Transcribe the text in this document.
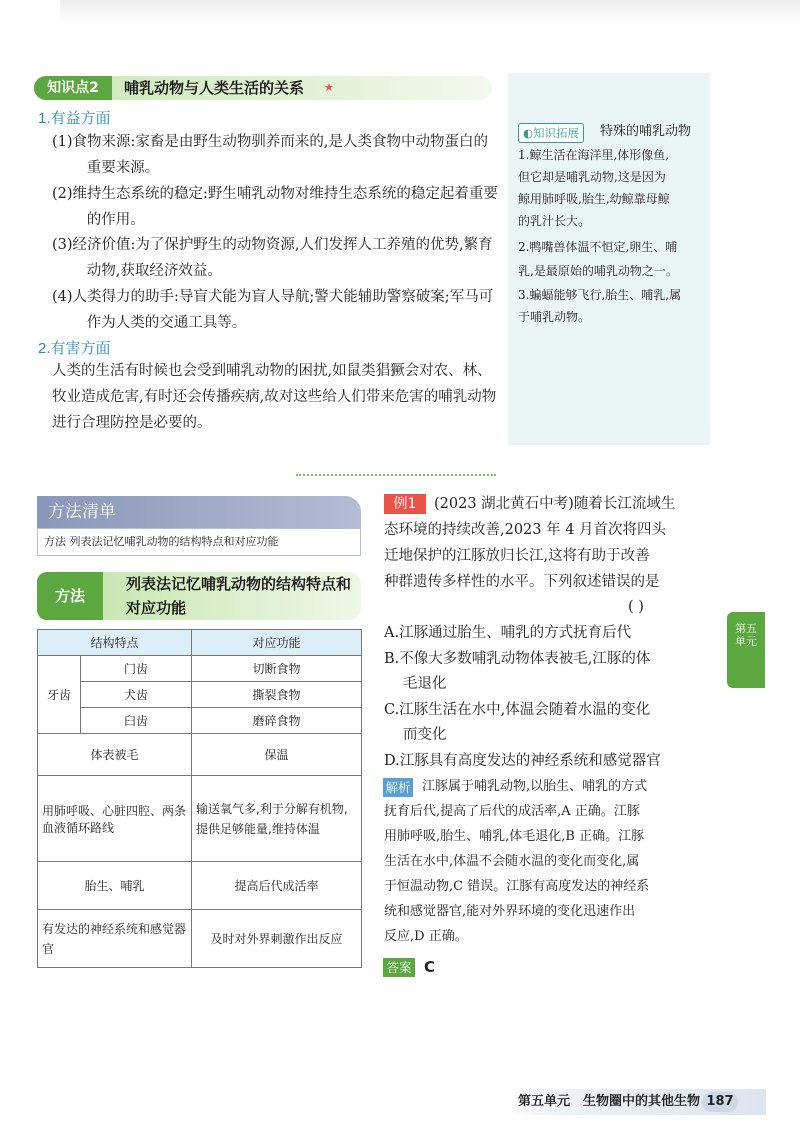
知识点2	哺乳动物与人类生活的关系 ★
1.有益方面
(1)食物来源:家畜是由野生动物驯养而来的,是人类食物中动物蛋白的重要来源。
(2)维持生态系统的稳定:野生哺乳动物对维持生态系统的稳定起着重要的作用。
(3)经济价值:为了保护野生的动物资源,人们发挥人工养殖的优势,繁育动物,获取经济效益。
(4)人类得力的助手:导盲犬能为盲人导航;警犬能辅助警察破案;军马可作为人类的交通工具等。
2.有害方面
人类的生活有时候也会受到哺乳动物的困扰,如鼠类猖獗会对农、林、牧业造成危害,有时还会传播疾病,故对这些给人们带来危害的哺乳动物进行合理防控是必要的。
◐知识拓展	特殊的哺乳动物
1.鲸生活在海洋里,体形像鱼,
但它却是哺乳动物,这是因为
鲸用肺呼吸,胎生,幼鲸靠母鲸
的乳汁长大。
2.鸭嘴兽体温不恒定,卵生、哺
乳,是最原始的哺乳动物之一。
3.蝙蝠能够飞行,胎生、哺乳,属
于哺乳动物。
方法清单
方法 列表法记忆哺乳动物的结构特点和对应功能
方法
列表法记忆哺乳动物的结构特点和对应功能
结构特点		对应功能
牙齿	门齿	切断食物
	犬齿	撕裂食物
	臼齿	磨碎食物
体表被毛		保温
用肺呼吸、心脏四腔、两条血液循环路线		输送氧气多,利于分解有机物,提供足够能量,维持体温
胎生、哺乳		提高后代成活率
有发达的神经系统和感觉器官		及时对外界刺激作出反应
例1	(2023 湖北黄石中考)随着长江流域生
态环境的持续改善,2023 年 4 月首次将四头
迁地保护的江豚放归长江,这将有助于改善
种群遗传多样性的水平。下列叙述错误的是
( )
A.江豚通过胎生、哺乳的方式抚育后代
B.不像大多数哺乳动物体表被毛,江豚的体
毛退化
C.江豚生活在水中,体温会随着水温的变化
而变化
D.江豚具有高度发达的神经系统和感觉器官
解析 江豚属于哺乳动物,以胎生、哺乳的方式
抚育后代,提高了后代的成活率,A 正确。江豚
用肺呼吸,胎生、哺乳,体毛退化,B 正确。江豚
生活在水中,体温不会随水温的变化而变化,属
于恒温动物,C 错误。江豚有高度发达的神经系
统和感觉器官,能对外界环境的变化迅速作出
反应,D 正确。
答案 C
第五单元
第五单元　生物圈中的其他生物 187
